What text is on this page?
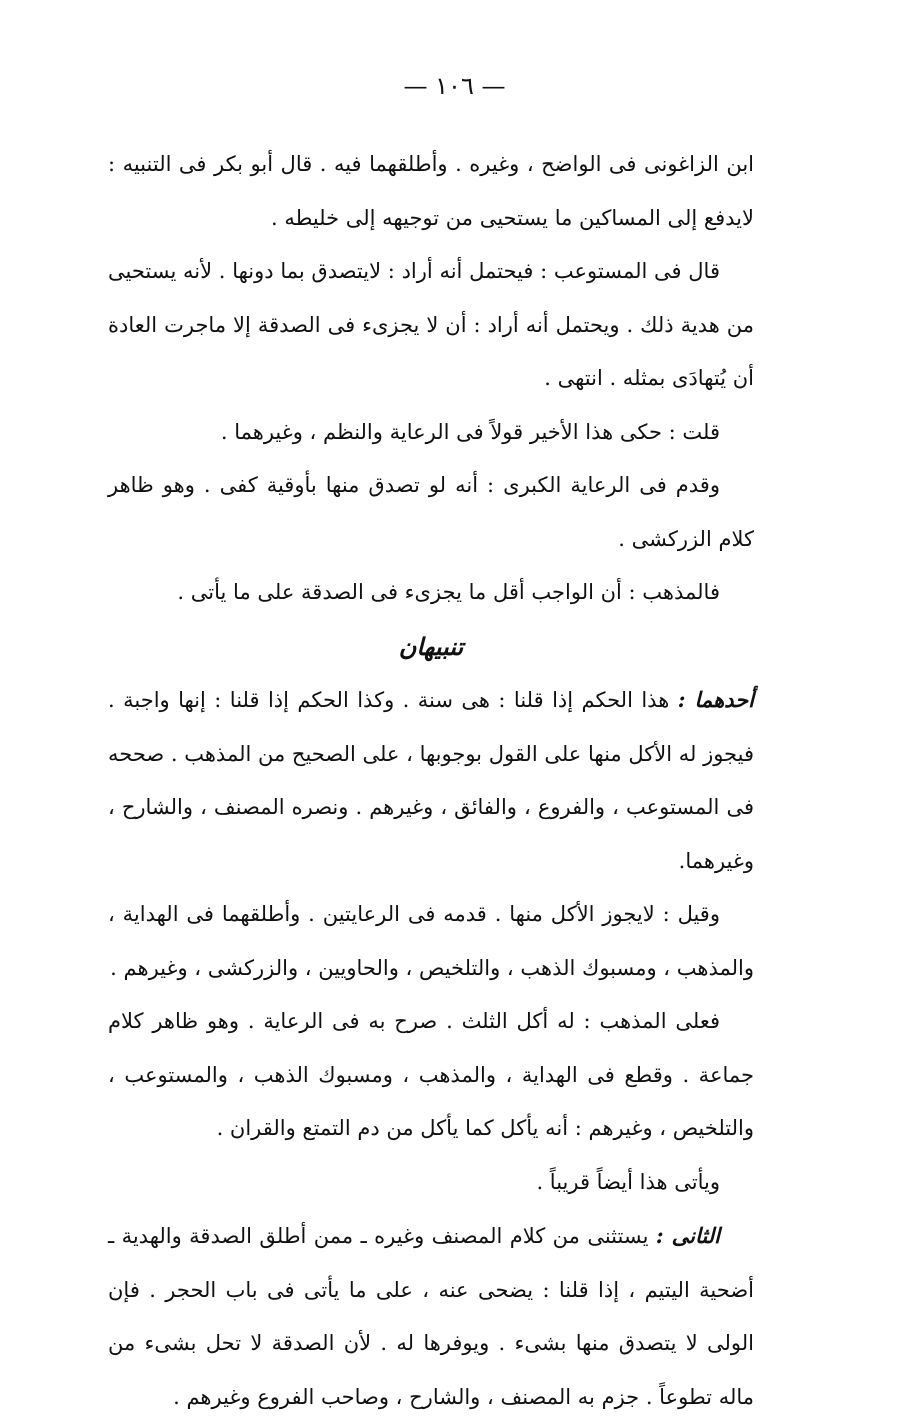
— ١٠٦ —

ابن الزاغونى فى الواضح ، وغيره . وأطلقهما فيه . قال أبو بكر فى التنبيه : لايدفع إلى المساكين ما يستحيى من توجيهه إلى خليطه .

قال فى المستوعب : فيحتمل أنه أراد : لايتصدق بما دونها . لأنه يستحيى من هدية ذلك . ويحتمل أنه أراد : أن لا يجزىء فى الصدقة إلا ماجرت العادة أن يُتهادَى بمثله . انتهى .

قلت : حكى هذا الأخير قولاً فى الرعاية والنظم ، وغيرهما .

وقدم فى الرعاية الكبرى : أنه لو تصدق منها بأوقية كفى . وهو ظاهر كلام الزركشى .

فالمذهب : أن الواجب أقل ما يجزىء فى الصدقة على ما يأتى .

تنبيهان

أحدهما : هذا الحكم إذا قلنا : هى سنة . وكذا الحكم إذا قلنا : إنها واجبة . فيجوز له الأكل منها على القول بوجوبها ، على الصحيح من المذهب . صححه فى المستوعب ، والفروع ، والفائق ، وغيرهم . ونصره المصنف ، والشارح ، وغيرهما.

وقيل : لايجوز الأكل منها . قدمه فى الرعايتين . وأطلقهما فى الهداية ، والمذهب ، ومسبوك الذهب ، والتلخيص ، والحاويين ، والزركشى ، وغيرهم .

فعلى المذهب : له أكل الثلث . صرح به فى الرعاية . وهو ظاهر كلام جماعة . وقطع فى الهداية ، والمذهب ، ومسبوك الذهب ، والمستوعب ، والتلخيص ، وغيرهم : أنه يأكل كما يأكل من دم التمتع والقران .

ويأتى هذا أيضاً قريباً .

الثانى : يستثنى من كلام المصنف وغيره ـ ممن أطلق الصدقة والهدية ـ أضحية اليتيم ، إذا قلنا : يضحى عنه ، على ما يأتى فى باب الحجر . فإن الولى لا يتصدق منها بشىء . ويوفرها له . لأن الصدقة لا تحل بشىء من ماله تطوعاً . جزم به المصنف ، والشارح ، وصاحب الفروع وغيرهم .
